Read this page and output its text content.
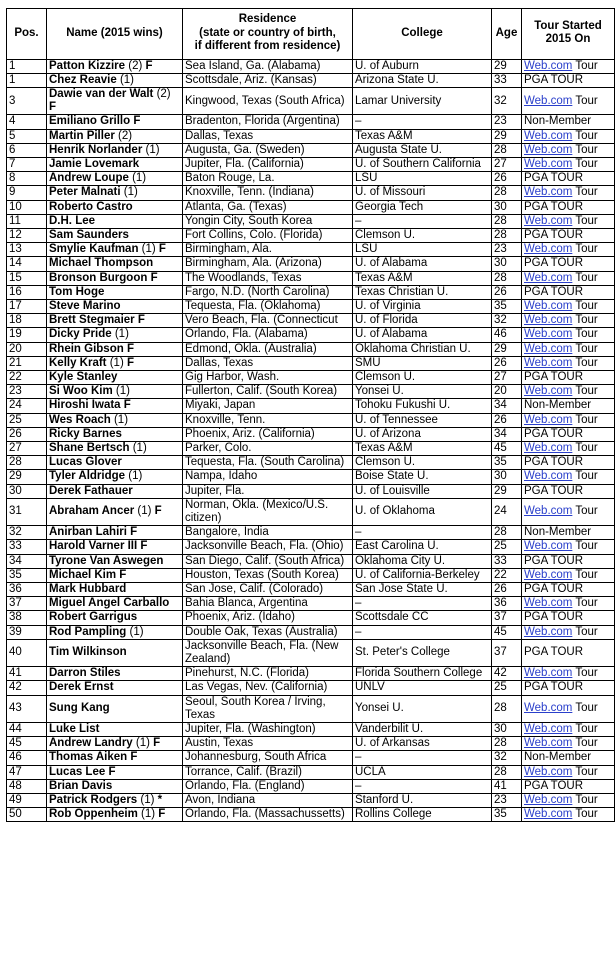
Pos.	Name (2015 wins)	Residence
(state or country of birth,
if different from residence)	College	Age	Tour Started
2015 On
1	Patton Kizzire (2) F	Sea Island, Ga. (Alabama)	U. of Auburn	29	Web.com Tour
1	Chez Reavie (1)	Scottsdale, Ariz. (Kansas)	Arizona State U.	33	PGA TOUR
3	Dawie van der Walt (2) F	Kingwood, Texas (South Africa)	Lamar University	32	Web.com Tour
4	Emiliano Grillo F	Bradenton, Florida (Argentina)	–	23	Non-Member
5	Martin Piller (2)	Dallas, Texas	Texas A&M	29	Web.com Tour
6	Henrik Norlander (1)	Augusta, Ga. (Sweden)	Augusta State U.	28	Web.com Tour
7	Jamie Lovemark	Jupiter, Fla. (California)	U. of Southern California	27	Web.com Tour
8	Andrew Loupe (1)	Baton Rouge, La.	LSU	26	PGA TOUR
9	Peter Malnati (1)	Knoxville, Tenn. (Indiana)	U. of Missouri	28	Web.com Tour
10	Roberto Castro	Atlanta, Ga. (Texas)	Georgia Tech	30	PGA TOUR
11	D.H. Lee	Yongin City, South Korea	–	28	Web.com Tour
12	Sam Saunders	Fort Collins, Colo. (Florida)	Clemson U.	28	PGA TOUR
13	Smylie Kaufman (1) F	Birmingham, Ala.	LSU	23	Web.com Tour
14	Michael Thompson	Birmingham, Ala. (Arizona)	U. of Alabama	30	PGA TOUR
15	Bronson Burgoon F	The Woodlands, Texas	Texas A&M	28	Web.com Tour
16	Tom Hoge	Fargo, N.D. (North Carolina)	Texas Christian U.	26	PGA TOUR
17	Steve Marino	Tequesta, Fla. (Oklahoma)	U. of Virginia	35	Web.com Tour
18	Brett Stegmaier F	Vero Beach, Fla. (Connecticut	U. of Florida	32	Web.com Tour
19	Dicky Pride (1)	Orlando, Fla. (Alabama)	U. of Alabama	46	Web.com Tour
20	Rhein Gibson F	Edmond, Okla. (Australia)	Oklahoma Christian U.	29	Web.com Tour
21	Kelly Kraft (1) F	Dallas, Texas	SMU	26	Web.com Tour
22	Kyle Stanley	Gig Harbor, Wash.	Clemson U.	27	PGA TOUR
23	Si Woo Kim (1)	Fullerton, Calif. (South Korea)	Yonsei U.	20	Web.com Tour
24	Hiroshi Iwata F	Miyaki, Japan	Tohoku Fukushi U.	34	Non-Member
25	Wes Roach (1)	Knoxville, Tenn.	U. of Tennessee	26	Web.com Tour
26	Ricky Barnes	Phoenix, Ariz. (California)	U. of Arizona	34	PGA TOUR
27	Shane Bertsch (1)	Parker, Colo.	Texas A&M	45	Web.com Tour
28	Lucas Glover	Tequesta, Fla. (South Carolina)	Clemson U.	35	PGA TOUR
29	Tyler Aldridge (1)	Nampa, Idaho	Boise State U.	30	Web.com Tour
30	Derek Fathauer	Jupiter, Fla.	U. of Louisville	29	PGA TOUR
31	Abraham Ancer (1) F	Norman, Okla. (Mexico/U.S. citizen)	U. of Oklahoma	24	Web.com Tour
32	Anirban Lahiri F	Bangalore, India	–	28	Non-Member
33	Harold Varner III F	Jacksonville Beach, Fla. (Ohio)	East Carolina U.	25	Web.com Tour
34	Tyrone Van Aswegen	San Diego, Calif. (South Africa)	Oklahoma City U.	33	PGA TOUR
35	Michael Kim F	Houston, Texas (South Korea)	U. of California-Berkeley	22	Web.com Tour
36	Mark Hubbard	San Jose, Calif. (Colorado)	San Jose State U.	26	PGA TOUR
37	Miguel Angel Carballo	Bahia Blanca, Argentina	–	36	Web.com Tour
38	Robert Garrigus	Phoenix, Ariz. (Idaho)	Scottsdale CC	37	PGA TOUR
39	Rod Pampling (1)	Double Oak, Texas (Australia)	–	45	Web.com Tour
40	Tim Wilkinson	Jacksonville Beach, Fla. (New Zealand)	St. Peter's College	37	PGA TOUR
41	Darron Stiles	Pinehurst, N.C. (Florida)	Florida Southern College	42	Web.com Tour
42	Derek Ernst	Las Vegas, Nev. (California)	UNLV	25	PGA TOUR
43	Sung Kang	Seoul, South Korea / Irving, Texas	Yonsei U.	28	Web.com Tour
44	Luke List	Jupiter, Fla. (Washington)	Vanderbilit U.	30	Web.com Tour
45	Andrew Landry (1) F	Austin, Texas	U. of Arkansas	28	Web.com Tour
46	Thomas Aiken F	Johannesburg, South Africa	–	32	Non-Member
47	Lucas Lee F	Torrance, Calif. (Brazil)	UCLA	28	Web.com Tour
48	Brian Davis	Orlando, Fla. (England)	–	41	PGA TOUR
49	Patrick Rodgers (1) *	Avon, Indiana	Stanford U.	23	Web.com Tour
50	Rob Oppenheim (1) F	Orlando, Fla. (Massachussetts)	Rollins College	35	Web.com Tour
